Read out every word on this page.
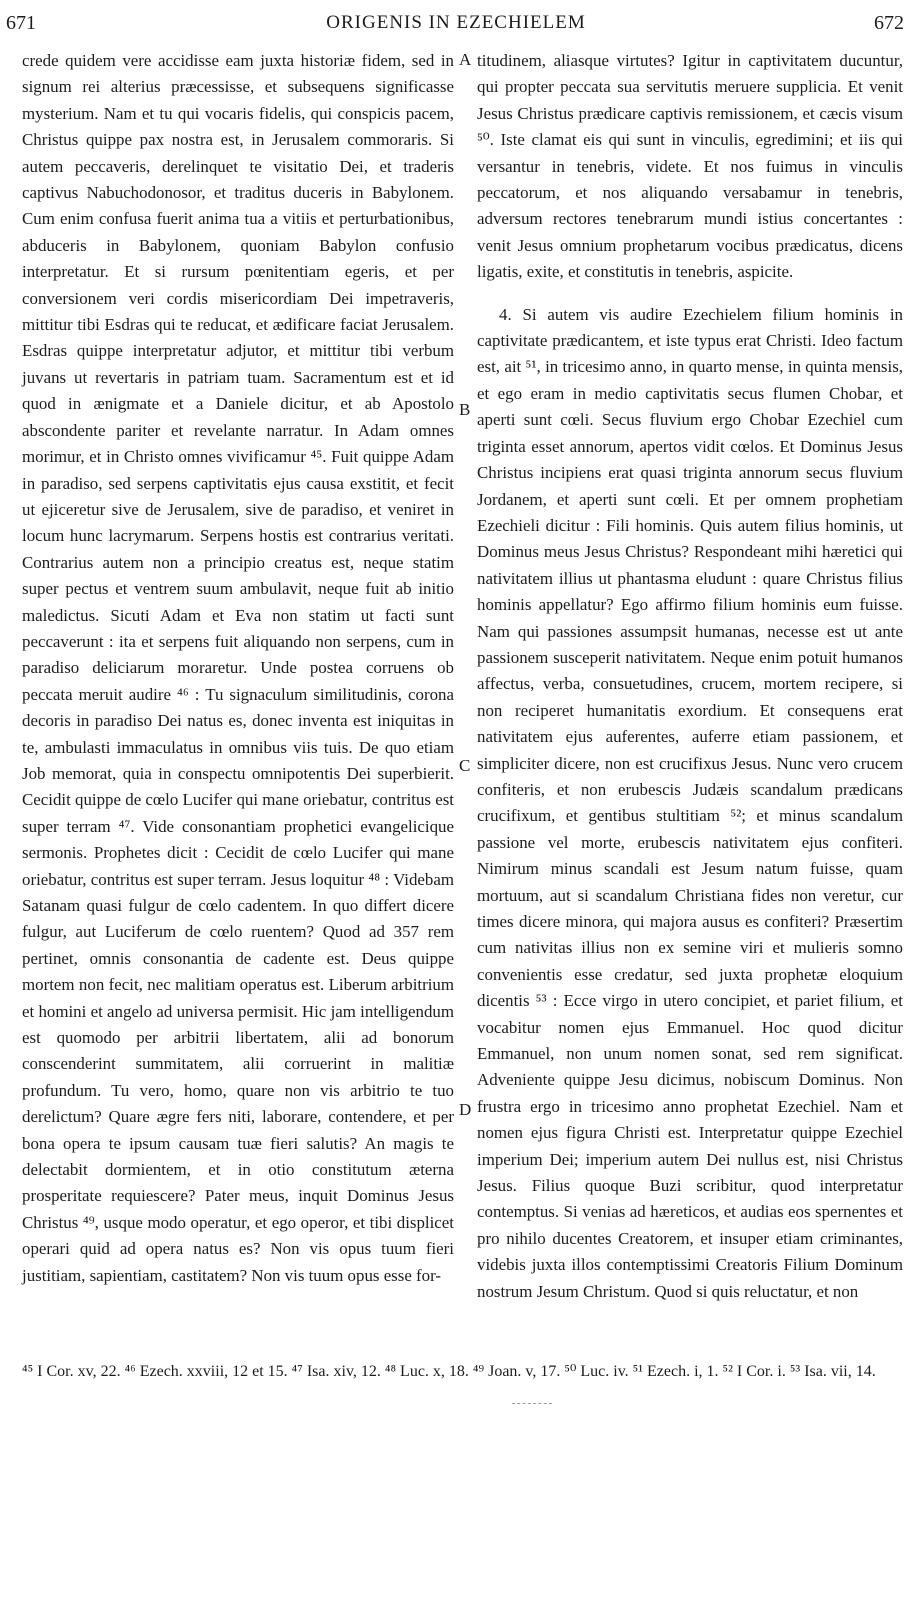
671	ORIGENIS IN EZECHIELEM	672

crede quidem vere accidisse eam juxta historiæ fidem, sed in signum rei alterius præcessisse, et subsequens significasse mysterium. Nam et tu qui vocaris fidelis, qui conspicis pacem, Christus quippe pax nostra est, in Jerusalem commoraris. Si autem peccaveris, derelinquet te visitatio Dei, et traderis captivus Nabuchodonosor, et traditus duceris in Babylonem. Cum enim confusa fuerit anima tua a vitiis et perturbationibus, abduceris in Babylonem, quoniam Babylon confusio interpretatur. Et si rursum pœnitentiam egeris, et per conversionem veri cordis misericordiam Dei impetraveris, mittitur tibi Esdras qui te reducat, et ædificare faciat Jerusalem. Esdras quippe interpretatur adjutor, et mittitur tibi verbum juvans ut revertaris in patriam tuam. Sacramentum est et id quod in ænigmate et a Daniele dicitur, et ab Apostolo abscondente pariter et revelante narratur. In Adam omnes morimur, et in Christo omnes vivificamur ⁴⁵. Fuit quippe Adam in paradiso, sed serpens captivitatis ejus causa exstitit, et fecit ut ejiceretur sive de Jerusalem, sive de paradiso, et veniret in locum hunc lacrymarum. Serpens hostis est contrarius veritati. Contrarius autem non a principio creatus est, neque statim super pectus et ventrem suum ambulavit, neque fuit ab initio maledictus. Sicuti Adam et Eva non statim ut facti sunt peccaverunt : ita et serpens fuit aliquando non serpens, cum in paradiso deliciarum moraretur. Unde postea corruens ob peccata meruit audire ⁴⁶ : Tu signaculum similitudinis, corona decoris in paradiso Dei natus es, donec inventa est iniquitas in te, ambulasti immaculatus in omnibus viis tuis. De quo etiam Job memorat, quia in conspectu omnipotentis Dei superbierit. Cecidit quippe de cœlo Lucifer qui mane oriebatur, contritus est super terram ⁴⁷. Vide consonantiam prophetici evangelicique sermonis. Prophetes dicit : Cecidit de cœlo Lucifer qui mane oriebatur, contritus est super terram. Jesus loquitur ⁴⁸ : Videbam Satanam quasi fulgur de cœlo cadentem. In quo differt dicere fulgur, aut Luciferum de cœlo ruentem? Quod ad 357 rem pertinet, omnis consonantia de cadente est. Deus quippe mortem non fecit, nec malitiam operatus est. Liberum arbitrium et homini et angelo ad universa permisit. Hic jam intelligendum est quomodo per arbitrii libertatem, alii ad bonorum conscenderint summitatem, alii corruerint in malitiæ profundum. Tu vero, homo, quare non vis arbitrio te tuo derelictum? Quare ægre fers niti, laborare, contendere, et per bona opera te ipsum causam tuæ fieri salutis? An magis te delectabit dormientem, et in otio constitutum æterna prosperitate requiescere? Pater meus, inquit Dominus Jesus Christus ⁴⁹, usque modo operatur, et ego operor, et tibi displicet operari quid ad opera natus es? Non vis opus tuum fieri justitiam, sapientiam, castitatem? Non vis tuum opus esse for-

titudinem, aliasque virtutes? Igitur in captivitatem ducuntur, qui propter peccata sua servitutis meruere supplicia. Et venit Jesus Christus prædicare captivis remissionem, et cæcis visum ⁵⁰. Iste clamat eis qui sunt in vinculis, egredimini; et iis qui versantur in tenebris, videte. Et nos fuimus in vinculis peccatorum, et nos aliquando versabamur in tenebris, adversum rectores tenebrarum mundi istius concertantes : venit Jesus omnium prophetarum vocibus prædicatus, dicens ligatis, exite, et constitutis in tenebris, aspicite.

4. Si autem vis audire Ezechielem filium hominis in captivitate prædicantem, et iste typus erat Christi. Ideo factum est, ait ⁵¹, in tricesimo anno, in quarto mense, in quinta mensis, et ego eram in medio captivitatis secus flumen Chobar, et aperti sunt cœli. Secus fluvium ergo Chobar Ezechiel cum triginta esset annorum, apertos vidit cœlos. Et Dominus Jesus Christus incipiens erat quasi triginta annorum secus fluvium Jordanem, et aperti sunt cœli. Et per omnem prophetiam Ezechieli dicitur : Fili hominis. Quis autem filius hominis, ut Dominus meus Jesus Christus? Respondeant mihi hæretici qui nativitatem illius ut phantasma eludunt : quare Christus filius hominis appellatur? Ego affirmo filium hominis eum fuisse. Nam qui passiones assumpsit humanas, necesse est ut ante passionem susceperit nativitatem. Neque enim potuit humanos affectus, verba, consuetudines, crucem, mortem recipere, si non reciperet humanitatis exordium. Et consequens erat nativitatem ejus auferentes, auferre etiam passionem, et simpliciter dicere, non est crucifixus Jesus. Nunc vero crucem confiteris, et non erubescis Judæis scandalum prædicans crucifixum, et gentibus stultitiam ⁵²; et minus scandalum passione vel morte, erubescis nativitatem ejus confiteri. Nimirum minus scandali est Jesum natum fuisse, quam mortuum, aut si scandalum Christiana fides non veretur, cur times dicere minora, qui majora ausus es confiteri? Præsertim cum nativitas illius non ex semine viri et mulieris somno convenientis esse credatur, sed juxta prophetæ eloquium dicentis ⁵³ : Ecce virgo in utero concipiet, et pariet filium, et vocabitur nomen ejus Emmanuel. Hoc quod dicitur Emmanuel, non unum nomen sonat, sed rem significat. Adveniente quippe Jesu dicimus, nobiscum Dominus. Non frustra ergo in tricesimo anno prophetat Ezechiel. Nam et nomen ejus figura Christi est. Interpretatur quippe Ezechiel imperium Dei; imperium autem Dei nullus est, nisi Christus Jesus. Filius quoque Buzi scribitur, quod interpretatur contemptus. Si venias ad hæreticos, et audias eos spernentes et pro nihilo ducentes Creatorem, et insuper etiam criminantes, videbis juxta illos contemptissimi Creatoris Filium Dominum nostrum Jesum Christum. Quod si quis reluctatur, et non

A
B
C
D
⁴⁵ I Cor. xv, 22. ⁴⁶ Ezech. xxviii, 12 et 15. ⁴⁷ Isa. xiv, 12. ⁴⁸ Luc. x, 18. ⁴⁹ Joan. v, 17. ⁵⁰ Luc. iv. ⁵¹ Ezech. i, 1. ⁵² I Cor. i. ⁵³ Isa. vii, 14.
